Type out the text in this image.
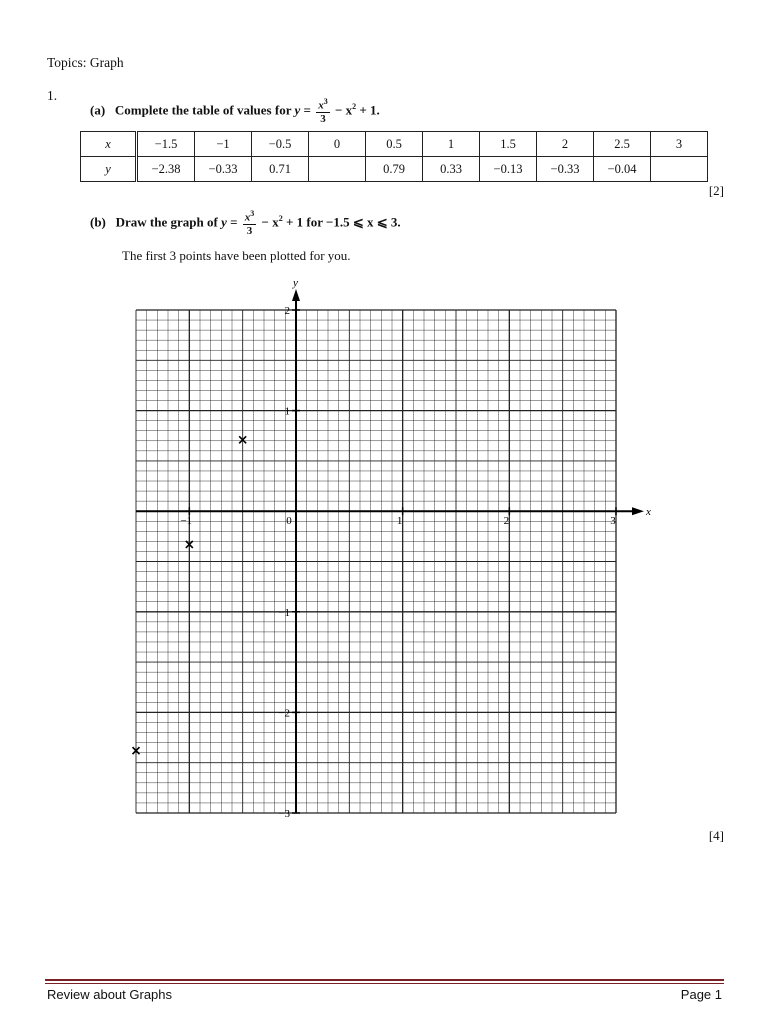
Topics: Graph
1.
(a) Complete the table of values for $y = \frac{x^3}{3} - x^2 + 1$.
x	−1.5	−1	−0.5	0	0.5	1	1.5	2	2.5	3
y	−2.38	−0.33	0.71		0.79	0.33	−0.13	−0.33	−0.04	
[2]
(b) Draw the graph of $y = \frac{x^3}{3} - x^2 + 1$ for −1.5 ⩽ x ⩽ 3.
The first 3 points have been plotted for you.
x
y
−1	0	1	2	3
2
1
−1
−2
−3
[4]
Review about Graphs	Page 1
